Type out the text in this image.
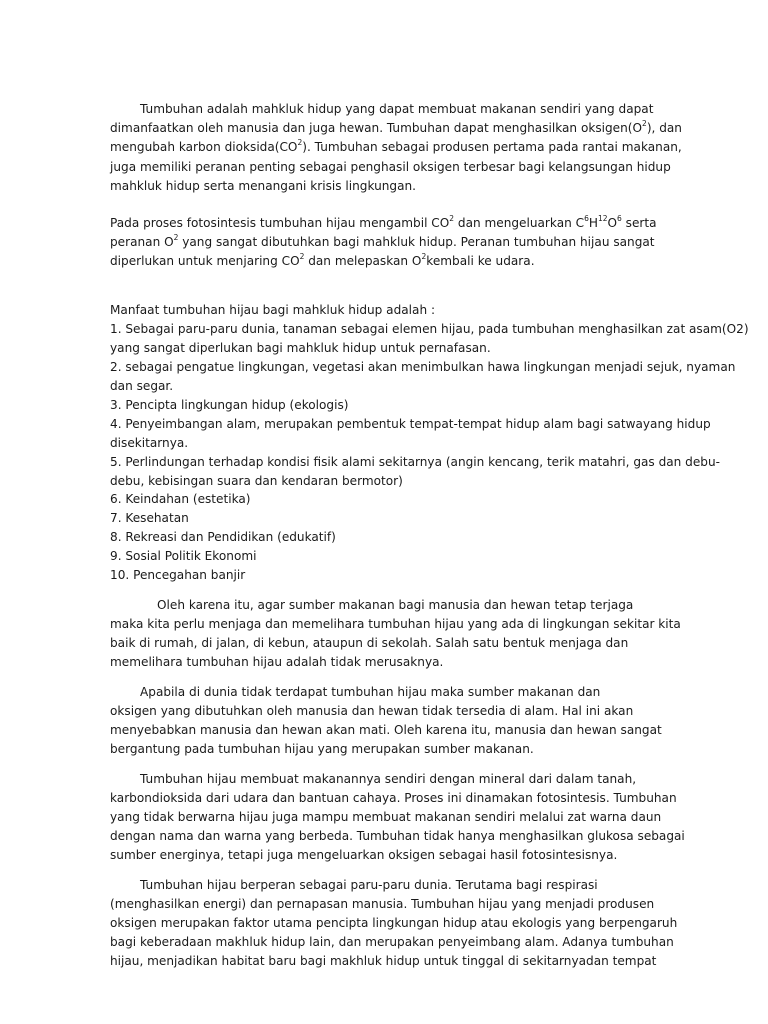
Tumbuhan adalah mahkluk hidup yang dapat membuat makanan sendiri yang dapat
dimanfaatkan oleh manusia dan juga hewan. Tumbuhan dapat menghasilkan $oksigen(O^2)$, dan
mengubah karbon $dioksida(CO^2)$. Tumbuhan sebagai produsen pertama pada rantai makanan,
juga memiliki peranan penting sebagai penghasil oksigen terbesar bagi kelangsungan hidup
mahkluk hidup serta menangani krisis lingkungan.
Pada proses fotosintesis tumbuhan hijau mengambil $CO^2$ dan mengeluarkan $C^6H^{12}O^6$ serta
peranan $O^2$ yang sangat dibutuhkan bagi mahkluk hidup. Peranan tumbuhan hijau sangat
diperlukan untuk menjaring $CO^2$ dan melepaskan $O^2kembali$ ke udara.
Manfaat tumbuhan hijau bagi mahkluk hidup adalah :
1. Sebagai paru-paru dunia, tanaman sebagai elemen hijau, pada tumbuhan menghasilkan zat asam(O2)
yang sangat diperlukan bagi mahkluk hidup untuk pernafasan.
2. sebagai pengatue lingkungan, vegetasi akan menimbulkan hawa lingkungan menjadi sejuk, nyaman
dan segar.
3. Pencipta lingkungan hidup (ekologis)
4. Penyeimbangan alam, merupakan pembentuk tempat-tempat hidup alam bagi satwayang hidup
disekitarnya.
5. Perlindungan terhadap kondisi fisik alami sekitarnya (angin kencang, terik matahri, gas dan debu-
debu, kebisingan suara dan kendaran bermotor)
6. Keindahan (estetika)
7. Kesehatan
8. Rekreasi dan Pendidikan (edukatif)
9. Sosial Politik Ekonomi
10. Pencegahan banjir
Oleh karena itu, agar sumber makanan bagi manusia dan hewan tetap terjaga
maka kita perlu menjaga dan memelihara tumbuhan hijau yang ada di lingkungan sekitar kita
baik di rumah, di jalan, di kebun, ataupun di sekolah. Salah satu bentuk menjaga dan
memelihara tumbuhan hijau adalah tidak merusaknya.
Apabila di dunia tidak terdapat tumbuhan hijau maka sumber makanan dan
oksigen yang dibutuhkan oleh manusia dan hewan tidak tersedia di alam. Hal ini akan
menyebabkan manusia dan hewan akan mati. Oleh karena itu, manusia dan hewan sangat
bergantung pada tumbuhan hijau yang merupakan sumber makanan.
Tumbuhan hijau membuat makanannya sendiri dengan mineral dari dalam tanah,
karbondioksida dari udara dan bantuan cahaya. Proses ini dinamakan fotosintesis. Tumbuhan
yang tidak berwarna hijau juga mampu membuat makanan sendiri melalui zat warna daun
dengan nama dan warna yang berbeda. Tumbuhan tidak hanya menghasilkan glukosa sebagai
sumber energinya, tetapi juga mengeluarkan oksigen sebagai hasil fotosintesisnya.
Tumbuhan hijau berperan sebagai paru-paru dunia. Terutama bagi respirasi
(menghasilkan energi) dan pernapasan manusia. Tumbuhan hijau yang menjadi produsen
oksigen merupakan faktor utama pencipta lingkungan hidup atau ekologis yang berpengaruh
bagi keberadaan makhluk hidup lain, dan merupakan penyeimbang alam. Adanya tumbuhan
hijau, menjadikan habitat baru bagi makhluk hidup untuk tinggal di sekitarnyadan tempat
